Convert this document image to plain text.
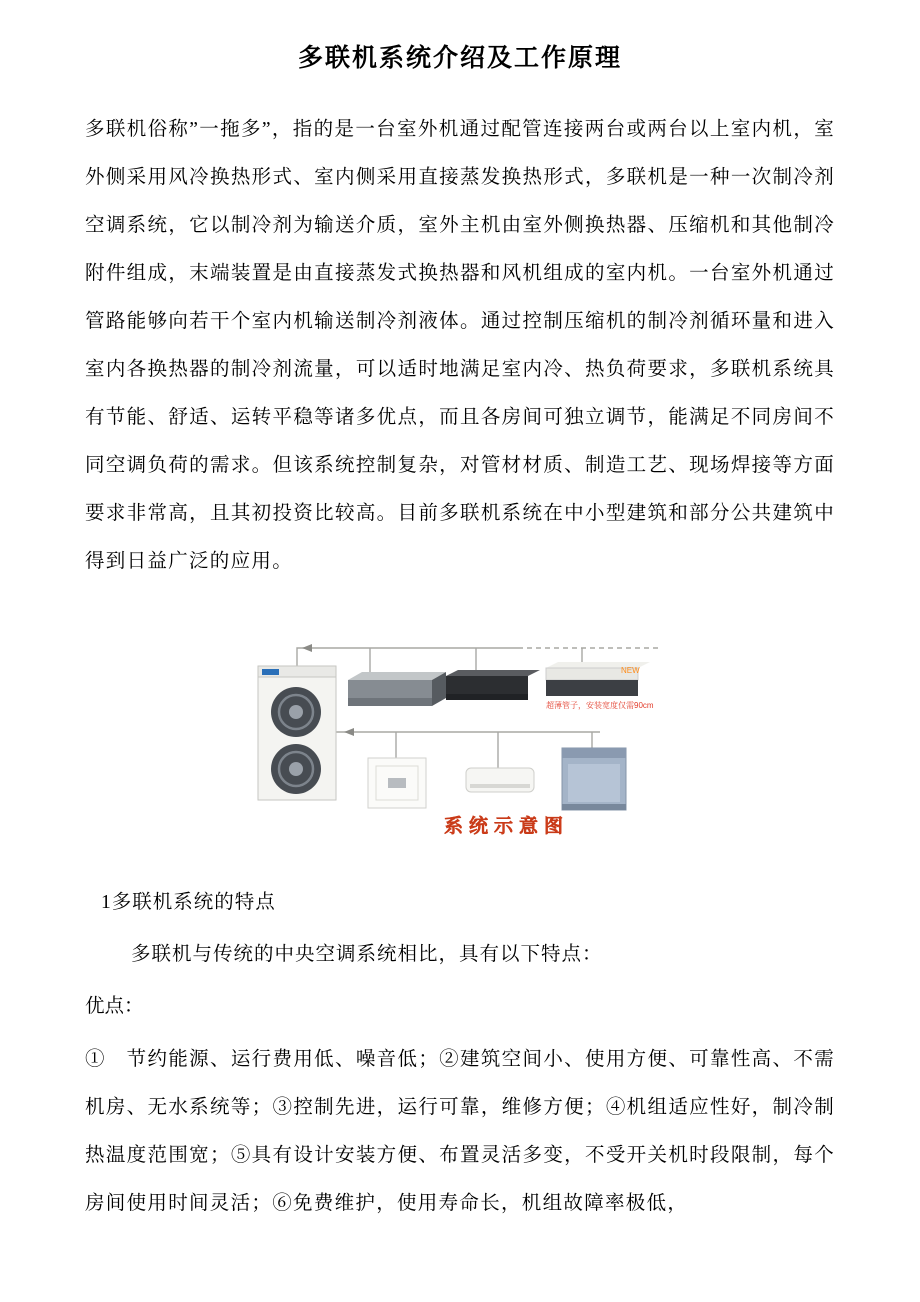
多联机系统介绍及工作原理
多联机俗称”一拖多”，指的是一台室外机通过配管连接两台或两台以上室内机，室外侧采用风冷换热形式、室内侧采用直接蒸发换热形式，多联机是一种一次制冷剂空调系统，它以制冷剂为输送介质，室外主机由室外侧换热器、压缩机和其他制冷附件组成，末端装置是由直接蒸发式换热器和风机组成的室内机。一台室外机通过管路能够向若干个室内机输送制冷剂液体。通过控制压缩机的制冷剂循环量和进入室内各换热器的制冷剂流量，可以适时地满足室内冷、热负荷要求，多联机系统具有节能、舒适、运转平稳等诸多优点，而且各房间可独立调节，能满足不同房间不同空调负荷的需求。但该系统控制复杂，对管材材质、制造工艺、现场焊接等方面要求非常高，且其初投资比较高。目前多联机系统在中小型建筑和部分公共建筑中得到日益广泛的应用。
NEW
超薄管子，安装宽度仅需90cm
系统示意图
1多联机系统的特点
多联机与传统的中央空调系统相比，具有以下特点：
优点：
①　节约能源、运行费用低、噪音低；②建筑空间小、使用方便、可靠性高、不需机房、无水系统等；③控制先进，运行可靠，维修方便；④机组适应性好，制冷制热温度范围宽；⑤具有设计安装方便、布置灵活多变，不受开关机时段限制，每个房间使用时间灵活；⑥免费维护，使用寿命长，机组故障率极低，
